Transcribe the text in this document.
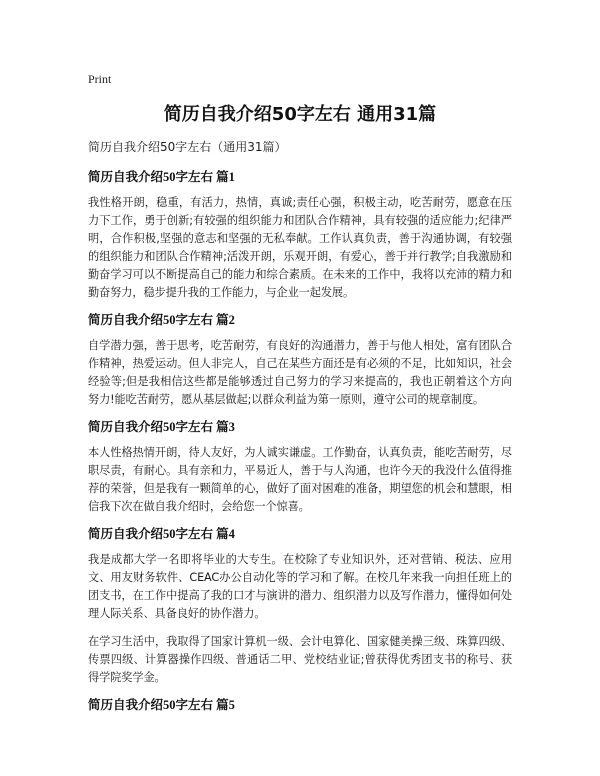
Print
简历自我介绍50字左右 通用31篇
简历自我介绍50字左右（通用31篇）
简历自我介绍50字左右 篇1
我性格开朗，稳重，有活力，热情，真诚;责任心强，积极主动，吃苦耐劳，愿意在压力下工作，勇于创新;有较强的组织能力和团队合作精神，具有较强的适应能力;纪律严明，合作积极,坚强的意志和坚强的无私奉献。工作认真负责，善于沟通协调，有较强的组织能力和团队合作精神;活泼开朗，乐观开朗，有爱心，善于并行教学;自我激励和勤奋学习可以不断提高自己的能力和综合素质。在未来的工作中，我将以充沛的精力和勤奋努力，稳步提升我的工作能力，与企业一起发展。
简历自我介绍50字左右 篇2
自学潜力强，善于思考，吃苦耐劳，有良好的沟通潜力，善于与他人相处，富有团队合作精神，热爱运动。但人非完人，自己在某些方面还是有必须的不足，比如知识，社会经验等;但是我相信这些都是能够透过自己努力的学习来提高的，我也正朝着这个方向努力!能吃苦耐劳，愿从基层做起;以群众利益为第一原则，遵守公司的规章制度。
简历自我介绍50字左右 篇3
本人性格热情开朗，待人友好，为人诚实谦虚。工作勤奋，认真负责，能吃苦耐劳，尽职尽责，有耐心。具有亲和力，平易近人，善于与人沟通，也许今天的我没什么值得推荐的荣誉，但是我有一颗简单的心，做好了面对困难的准备，期望您的机会和慧眼，相信我下次在做自我介绍时，会给您一个惊喜。
简历自我介绍50字左右 篇4
我是成都大学一名即将毕业的大专生。在校除了专业知识外，还对营销、税法、应用文、用友财务软件、CEAC办公自动化等的学习和了解。在校几年来我一向担任班上的团支书，在工作中提高了我的口才与演讲的潜力、组织潜力以及写作潜力，懂得如何处理人际关系、具备良好的协作潜力。
在学习生活中，我取得了国家计算机一级、会计电算化、国家健美操三级、珠算四级、传票四级、计算器操作四级、普通话二甲、党校结业证;曾获得优秀团支书的称号、获得学院奖学金。
简历自我介绍50字左右 篇5
